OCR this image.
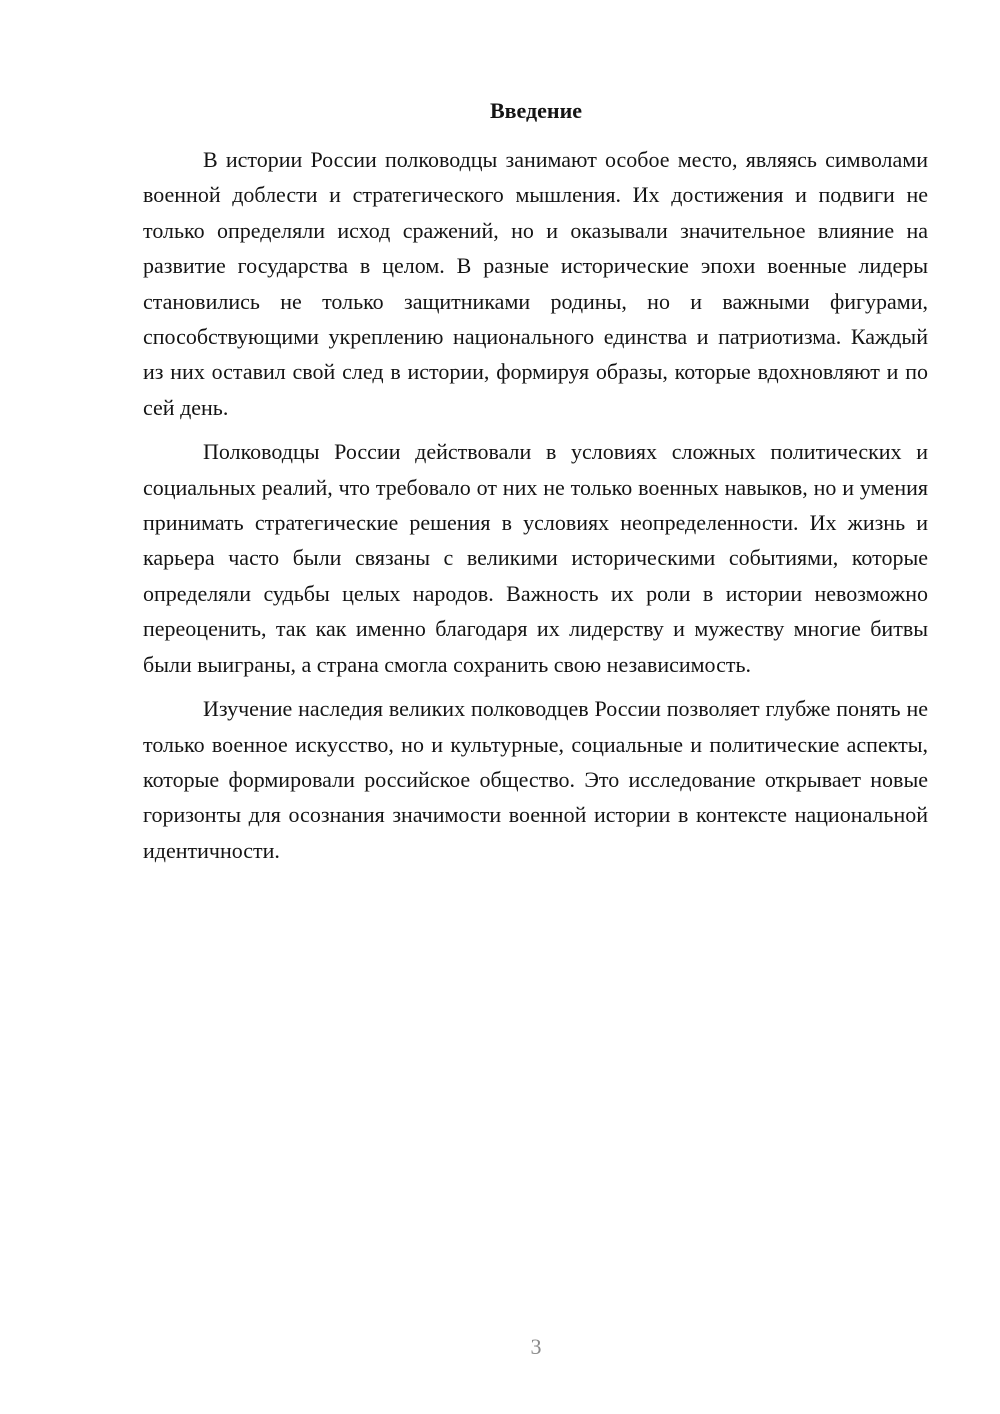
Введение

В истории России полководцы занимают особое место, являясь символами военной доблести и стратегического мышления. Их достижения и подвиги не только определяли исход сражений, но и оказывали значительное влияние на развитие государства в целом. В разные исторические эпохи военные лидеры становились не только защитниками родины, но и важными фигурами, способствующими укреплению национального единства и патриотизма. Каждый из них оставил свой след в истории, формируя образы, которые вдохновляют и по сей день.

Полководцы России действовали в условиях сложных политических и социальных реалий, что требовало от них не только военных навыков, но и умения принимать стратегические решения в условиях неопределенности. Их жизнь и карьера часто были связаны с великими историческими событиями, которые определяли судьбы целых народов. Важность их роли в истории невозможно переоценить, так как именно благодаря их лидерству и мужеству многие битвы были выиграны, а страна смогла сохранить свою независимость.

Изучение наследия великих полководцев России позволяет глубже понять не только военное искусство, но и культурные, социальные и политические аспекты, которые формировали российское общество. Это исследование открывает новые горизонты для осознания значимости военной истории в контексте национальной идентичности.

3
